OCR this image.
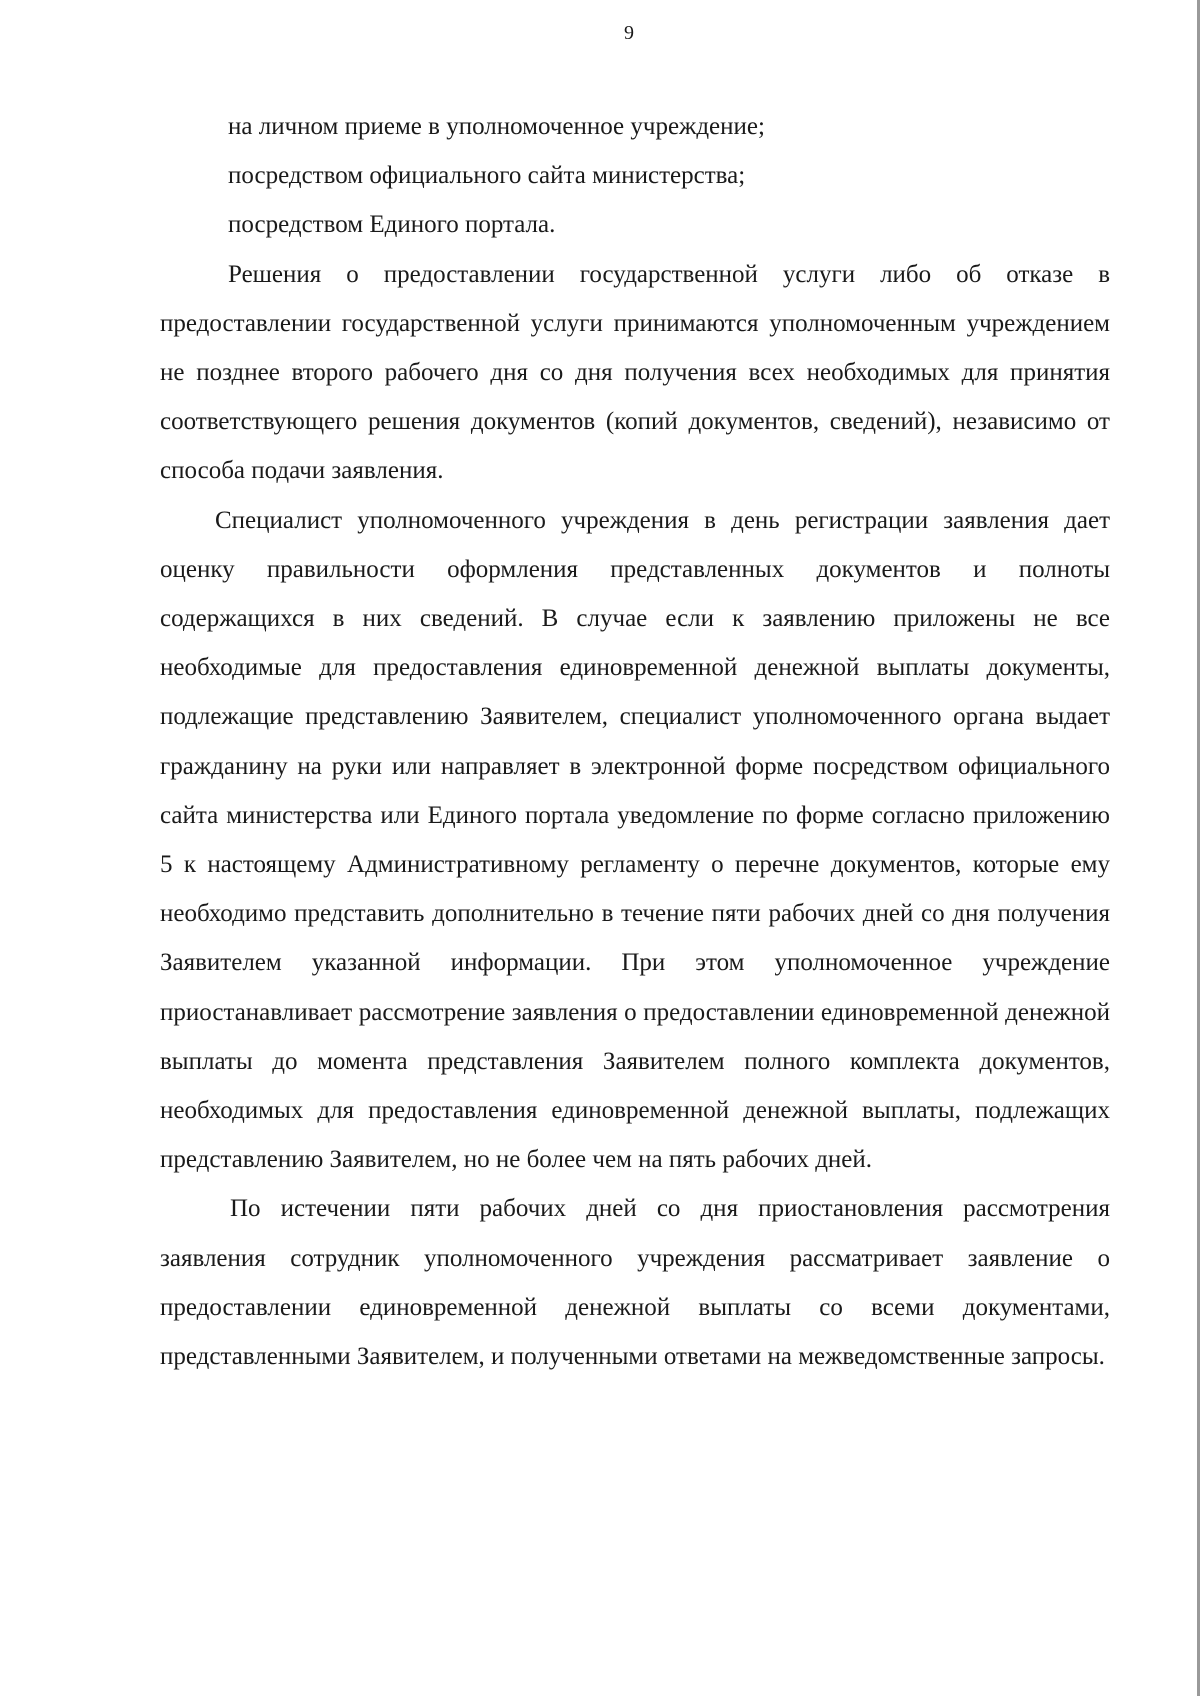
9

на личном приеме в уполномоченное учреждение;

посредством официального сайта министерства;

посредством Единого портала.

Решения о предоставлении государственной услуги либо об отказе в предоставлении государственной услуги принимаются уполномоченным учреждением не позднее второго рабочего дня со дня получения всех необходимых для принятия соответствующего решения документов (копий документов, сведений), независимо от способа подачи заявления.

Специалист уполномоченного учреждения в день регистрации заявления дает оценку правильности оформления представленных документов и полноты содержащихся в них сведений. В случае если к заявлению приложены не все необходимые для предоставления единовременной денежной выплаты документы, подлежащие представлению Заявителем, специалист уполномоченного органа выдает гражданину на руки или направляет в электронной форме посредством официального сайта министерства или Единого портала уведомление по форме согласно приложению 5 к настоящему Административному регламенту о перечне документов, которые ему необходимо представить дополнительно в течение пяти рабочих дней со дня получения Заявителем указанной информации. При этом уполномоченное учреждение приостанавливает рассмотрение заявления о предоставлении единовременной денежной выплаты до момента представления Заявителем полного комплекта документов, необходимых для предоставления единовременной денежной выплаты, подлежащих представлению Заявителем, но не более чем на пять рабочих дней.

По истечении пяти рабочих дней со дня приостановления рассмотрения заявления сотрудник уполномоченного учреждения рассматривает заявление о предоставлении единовременной денежной выплаты со всеми документами, представленными Заявителем, и полученными ответами на межведомственные запросы.
